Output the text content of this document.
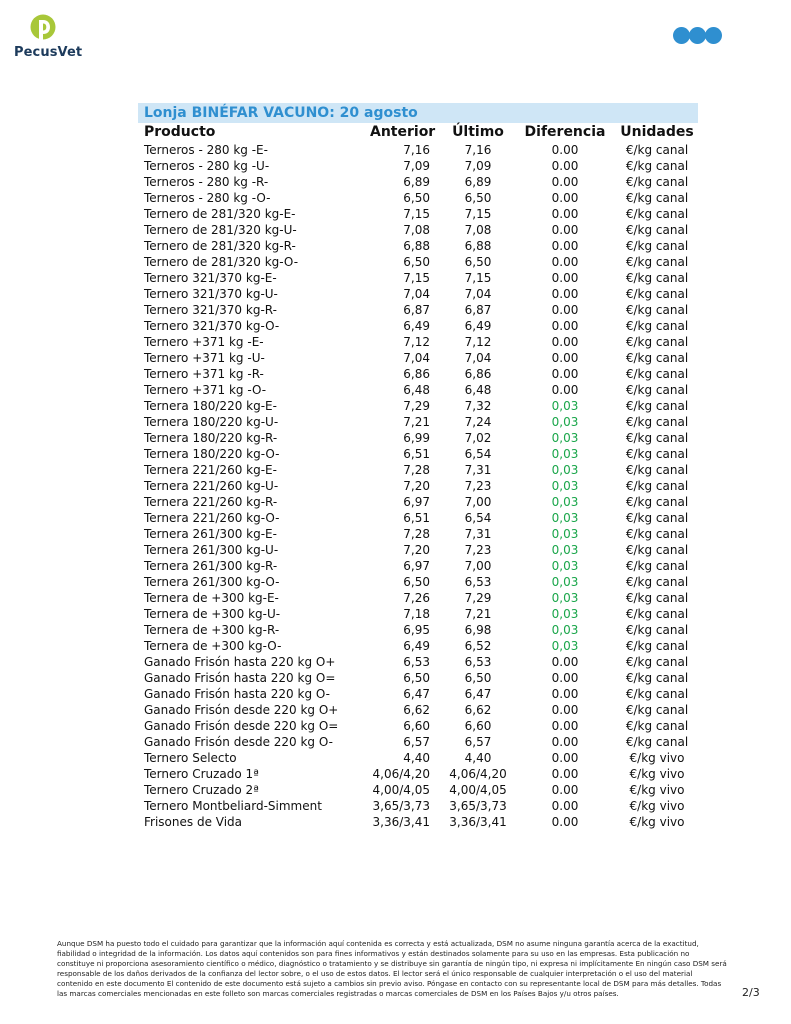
PecusVet
Lonja BINÉFAR VACUNO: 20 agosto
Producto	Anterior Último	Diferencia	Unidades
Terneros - 280 kg -E-	7,16	7,16	0.00	€/kg canal
Terneros - 280 kg -U-	7,09	7,09	0.00	€/kg canal
Terneros - 280 kg -R-	6,89	6,89	0.00	€/kg canal
Terneros - 280 kg -O-	6,50	6,50	0.00	€/kg canal
Ternero de 281/320 kg-E-	7,15	7,15	0.00	€/kg canal
Ternero de 281/320 kg-U-	7,08	7,08	0.00	€/kg canal
Ternero de 281/320 kg-R-	6,88	6,88	0.00	€/kg canal
Ternero de 281/320 kg-O-	6,50	6,50	0.00	€/kg canal
Ternero 321/370 kg-E-	7,15	7,15	0.00	€/kg canal
Ternero 321/370 kg-U-	7,04	7,04	0.00	€/kg canal
Ternero 321/370 kg-R-	6,87	6,87	0.00	€/kg canal
Ternero 321/370 kg-O-	6,49	6,49	0.00	€/kg canal
Ternero +371 kg -E-	7,12	7,12	0.00	€/kg canal
Ternero +371 kg -U-	7,04	7,04	0.00	€/kg canal
Ternero +371 kg -R-	6,86	6,86	0.00	€/kg canal
Ternero +371 kg -O-	6,48	6,48	0.00	€/kg canal
Ternera 180/220 kg-E-	7,29	7,32	0,03	€/kg canal
Ternera 180/220 kg-U-	7,21	7,24	0,03	€/kg canal
Ternera 180/220 kg-R-	6,99	7,02	0,03	€/kg canal
Ternera 180/220 kg-O-	6,51	6,54	0,03	€/kg canal
Ternera 221/260 kg-E-	7,28	7,31	0,03	€/kg canal
Ternera 221/260 kg-U-	7,20	7,23	0,03	€/kg canal
Ternera 221/260 kg-R-	6,97	7,00	0,03	€/kg canal
Ternera 221/260 kg-O-	6,51	6,54	0,03	€/kg canal
Ternera 261/300 kg-E-	7,28	7,31	0,03	€/kg canal
Ternera 261/300 kg-U-	7,20	7,23	0,03	€/kg canal
Ternera 261/300 kg-R-	6,97	7,00	0,03	€/kg canal
Ternera 261/300 kg-O-	6,50	6,53	0,03	€/kg canal
Ternera de +300 kg-E-	7,26	7,29	0,03	€/kg canal
Ternera de +300 kg-U-	7,18	7,21	0,03	€/kg canal
Ternera de +300 kg-R-	6,95	6,98	0,03	€/kg canal
Ternera de +300 kg-O-	6,49	6,52	0,03	€/kg canal
Ganado Frisón hasta 220 kg O+	6,53	6,53	0.00	€/kg canal
Ganado Frisón hasta 220 kg O=	6,50	6,50	0.00	€/kg canal
Ganado Frisón hasta 220 kg O-	6,47	6,47	0.00	€/kg canal
Ganado Frisón desde 220 kg O+	6,62	6,62	0.00	€/kg canal
Ganado Frisón desde 220 kg O=	6,60	6,60	0.00	€/kg canal
Ganado Frisón desde 220 kg O-	6,57	6,57	0.00	€/kg canal
Ternero Selecto	4,40	4,40	0.00	€/kg vivo
Ternero Cruzado 1ª	4,06/4,20 4,06/4,20	0.00	€/kg vivo
Ternero Cruzado 2ª	4,00/4,05 4,00/4,05	0.00	€/kg vivo
Ternero Montbeliard-Simment	3,65/3,73 3,65/3,73	0.00	€/kg vivo
Frisones de Vida	3,36/3,41 3,36/3,41	0.00	€/kg vivo
Aunque DSM ha puesto todo el cuidado para garantizar que la información aquí contenida es correcta y está actualizada, DSM no asume ninguna garantía acerca de la exactitud, fiabilidad o integridad de la información. Los datos aquí contenidos son para fines informativos y están destinados solamente para su uso en las empresas. Esta publicación no constituye ni proporciona asesoramiento científico o médico, diagnóstico o tratamiento y se distribuye sin garantía de ningún tipo, ni expresa ni implícitamente En ningún caso DSM será responsable de los daños derivados de la confianza del lector sobre, o el uso de estos datos. El lector será el único responsable de cualquier interpretación o el uso del material contenido en este documento El contenido de este documento está sujeto a cambios sin previo aviso. Póngase en contacto con su representante local de DSM para más detalles. Todas las marcas comerciales mencionadas en este folleto son marcas comerciales registradas o marcas comerciales de DSM en los Países Bajos y/u otros países.	2/3
